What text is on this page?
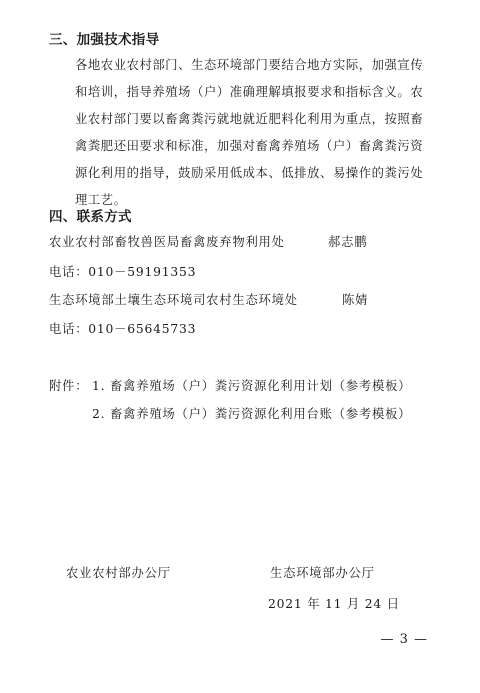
三、加强技术指导
各地农业农村部门、生态环境部门要结合地方实际，加强宣传和培训，指导养殖场（户）准确理解填报要求和指标含义。农业农村部门要以畜禽粪污就地就近肥料化利用为重点，按照畜禽粪肥还田要求和标准，加强对畜禽养殖场（户）畜禽粪污资源化利用的指导，鼓励采用低成本、低排放、易操作的粪污处理工艺。
四、联系方式
农业农村部畜牧兽医局畜禽废弃物利用处	郝志鹏
电话：010－59191353
生态环境部土壤生态环境司农村生态环境处	陈婧
电话：010－65645733
附件： 1. 畜禽养殖场（户）粪污资源化利用计划（参考模板）
2. 畜禽养殖场（户）粪污资源化利用台账（参考模板）
农业农村部办公厅	生态环境部办公厅
2021 年 11 月 24 日
— 3 —
